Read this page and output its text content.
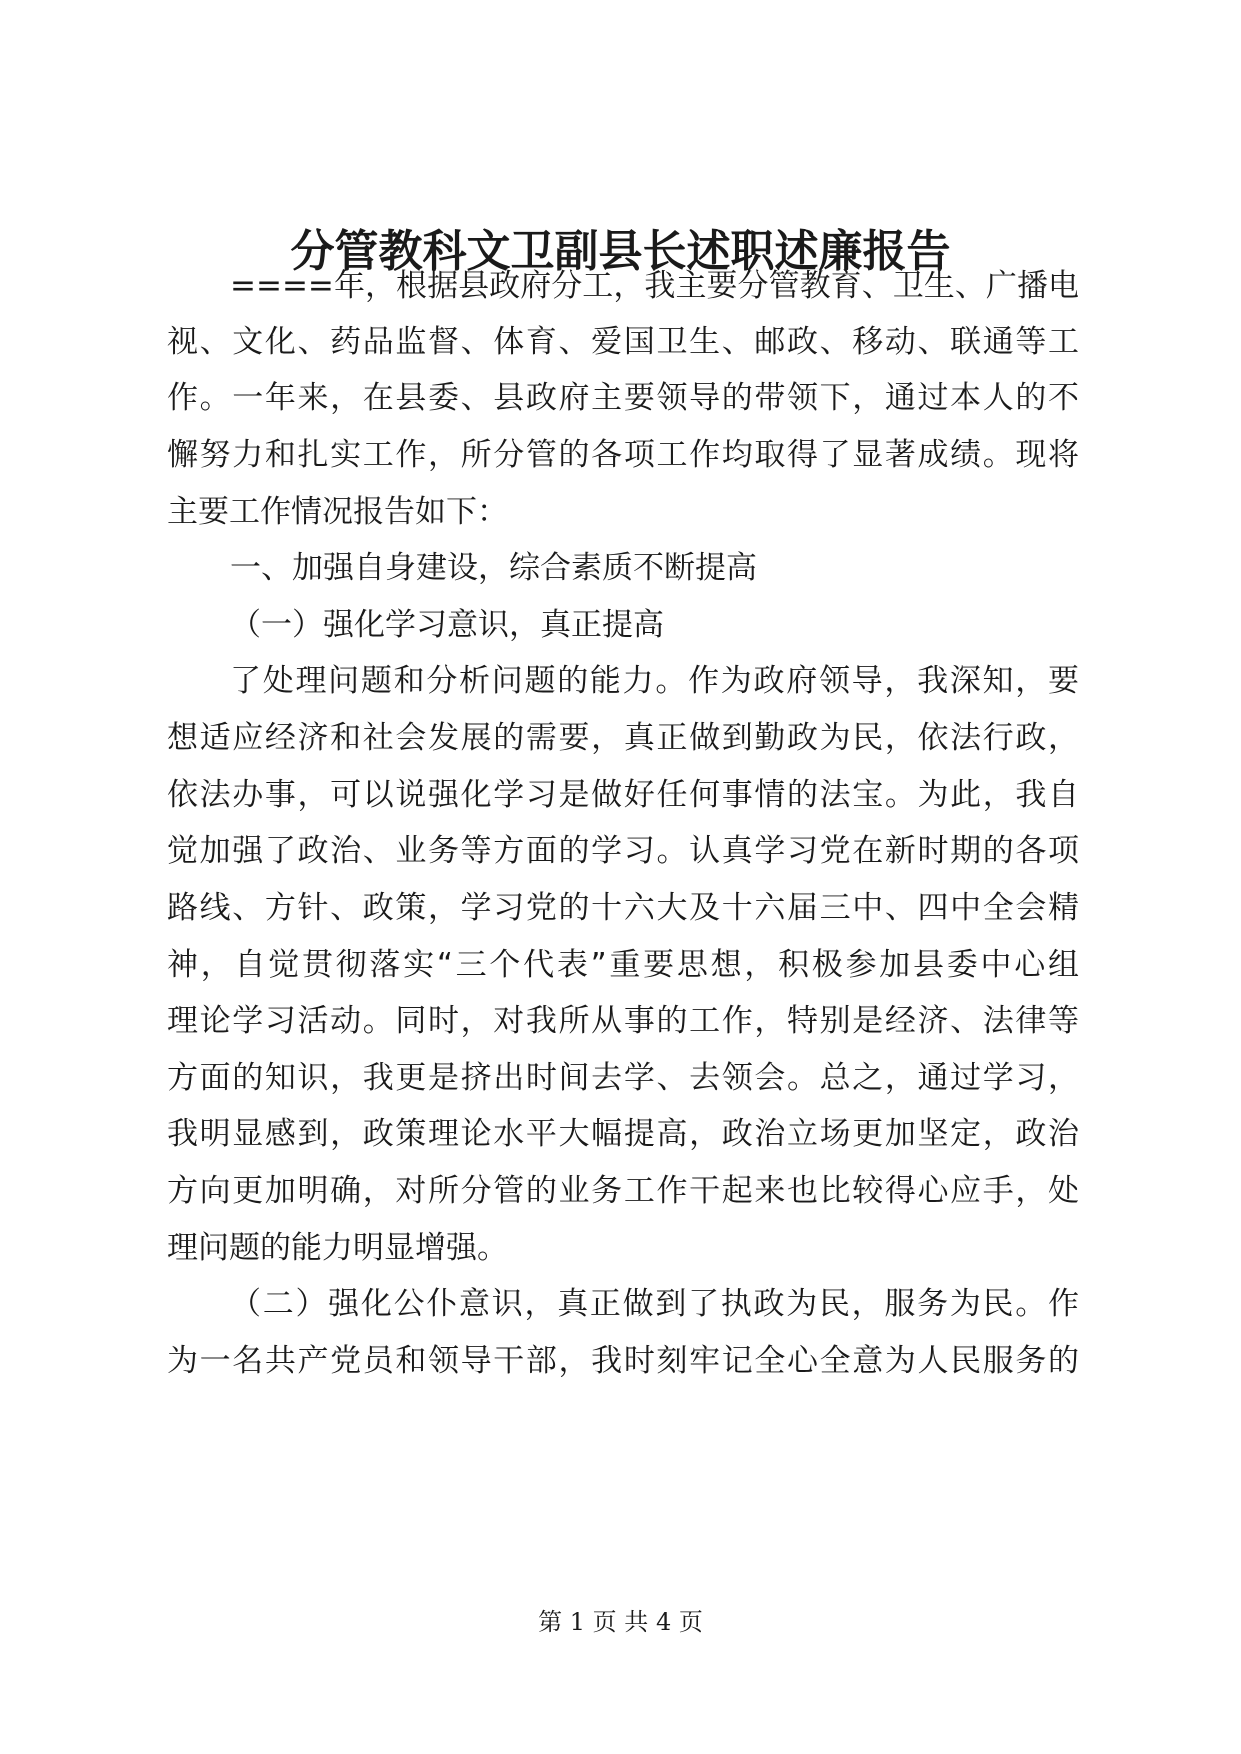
分管教科文卫副县长述职述廉报告

====年，根据县政府分工，我主要分管教育、卫生、广播电

视、文化、药品监督、体育、爱国卫生、邮政、移动、联通等工

作。一年来，在县委、县政府主要领导的带领下，通过本人的不

懈努力和扎实工作，所分管的各项工作均取得了显著成绩。现将

主要工作情况报告如下：

一、加强自身建设，综合素质不断提高

（一）强化学习意识，真正提高

了处理问题和分析问题的能力。作为政府领导，我深知，要

想适应经济和社会发展的需要，真正做到勤政为民，依法行政，

依法办事，可以说强化学习是做好任何事情的法宝。为此，我自

觉加强了政治、业务等方面的学习。认真学习党在新时期的各项

路线、方针、政策，学习党的十六大及十六届三中、四中全会精

神，自觉贯彻落实“三个代表”重要思想，积极参加县委中心组

理论学习活动。同时，对我所从事的工作，特别是经济、法律等

方面的知识，我更是挤出时间去学、去领会。总之，通过学习，

我明显感到，政策理论水平大幅提高，政治立场更加坚定，政治

方向更加明确，对所分管的业务工作干起来也比较得心应手，处

理问题的能力明显增强。

（二）强化公仆意识，真正做到了执政为民，服务为民。作

为一名共产党员和领导干部，我时刻牢记全心全意为人民服务的

第 1 页 共 4 页
